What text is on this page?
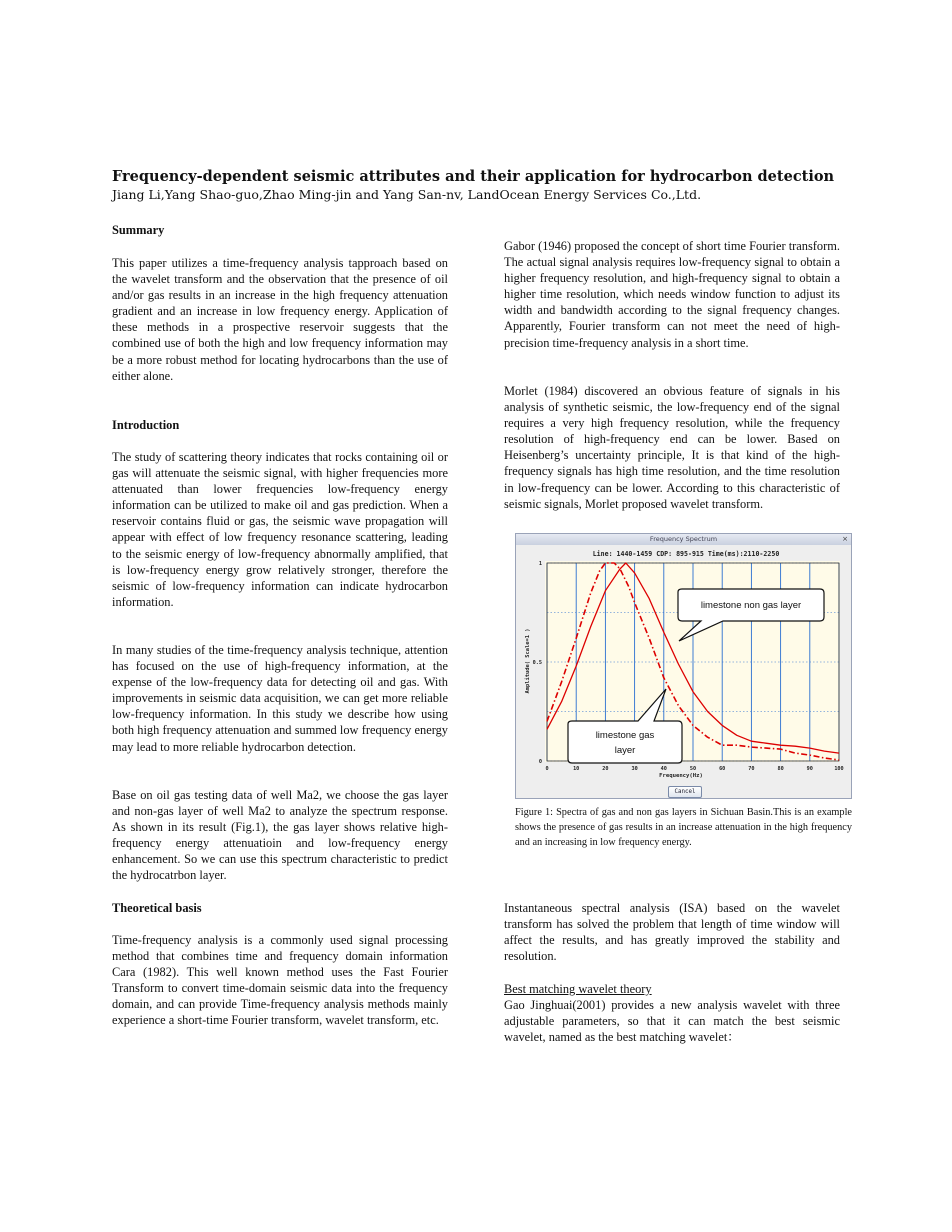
Frequency-dependent seismic attributes and their application for hydrocarbon detection
Jiang Li,Yang Shao-guo,Zhao Ming-jin and Yang San-nv, LandOcean Energy Services Co.,Ltd.
Summary

This paper utilizes a time-frequency analysis tapproach based on the wavelet transform and the observation that the presence of oil and/or gas results in an increase in the high frequency attenuation gradient and an increase in low frequency energy. Application of these methods in a prospective reservoir suggests that the combined use of both the high and low frequency information may be a more robust method for locating hydrocarbons than the use of either alone.

Introduction

The study of scattering theory indicates that rocks containing oil or gas will attenuate the seismic signal, with higher frequencies more attenuated than lower frequencies low-frequency energy information can be utilized to make oil and gas prediction. When a reservoir contains fluid or gas, the seismic wave propagation will appear with effect of low frequency resonance scattering, leading to the seismic energy of low-frequency abnormally amplified, that is low-frequency energy grow relatively stronger, therefore the seismic of low-frequency information can indicate hydrocarbon information.

In many studies of the time-frequency analysis technique, attention has focused on the use of high-frequency information, at the expense of the low-frequency data for detecting oil and gas. With improvements in seismic data acquisition, we can get more reliable low-frequency information. In this study we describe how using both high frequency attenuation and summed low frequency energy may lead to more reliable hydrocarbon detection.

Base on oil gas testing data of well Ma2, we choose the gas layer and non-gas layer of well Ma2 to analyze the spectrum response. As shown in its result (Fig.1), the gas layer shows relative high-frequency energy attenuatioin and low-frequency energy enhancement. So we can use this spectrum characteristic to predict the hydrocatrbon layer.

Theoretical basis

Time-frequency analysis is a commonly used signal processing method that combines time and frequency domain information Cara (1982). This well known method uses the Fast Fourier Transform to convert time-domain seismic data into the frequency domain, and can provide Time-frequency analysis methods mainly experience a short-time Fourier transform, wavelet transform, etc.

Gabor (1946) proposed the concept of short time Fourier transform. The actual signal analysis requires low-frequency signal to obtain a higher frequency resolution, and high-frequency signal to obtain a higher time resolution, which needs window function to adjust its width and bandwidth according to the signal frequency changes. Apparently, Fourier transform can not meet the need of high-precision time-frequency analysis in a short time.

Morlet (1984) discovered an obvious feature of signals in his analysis of synthetic seismic, the low-frequency end of the signal requires a very high frequency resolution, while the frequency resolution of high-frequency end can be lower. Based on Heisenberg’s uncertainty principle, It is that kind of the high-frequency signals has high time resolution, and the time resolution in low-frequency can be lower. According to this characteristic of seismic signals, Morlet proposed wavelet transform.

Frequency Spectrum	×
Line: 1440-1459 CDP: 895-915 Time(ms):2110-2250
0	10	20	30	40	50	60	70	80	90	100
0
0.5
1
Frequency(Hz)
Amplitude( Scale=1 )
limestone non gas layer
limestone gas
layer
Cancel
Figure 1: Spectra of gas and non gas layers in Sichuan Basin.This is an example shows the presence of gas results in an increase attenuation in the high frequency and an increasing in low frequency energy.

Instantaneous spectral analysis (ISA) based on the wavelet transform has solved the problem that length of time window will affect the results, and has greatly improved the stability and resolution.

Best matching wavelet theory

Gao Jinghuai(2001) provides a new analysis wavelet with three adjustable parameters, so that it can match the best seismic wavelet, named as the best matching wavelet：
